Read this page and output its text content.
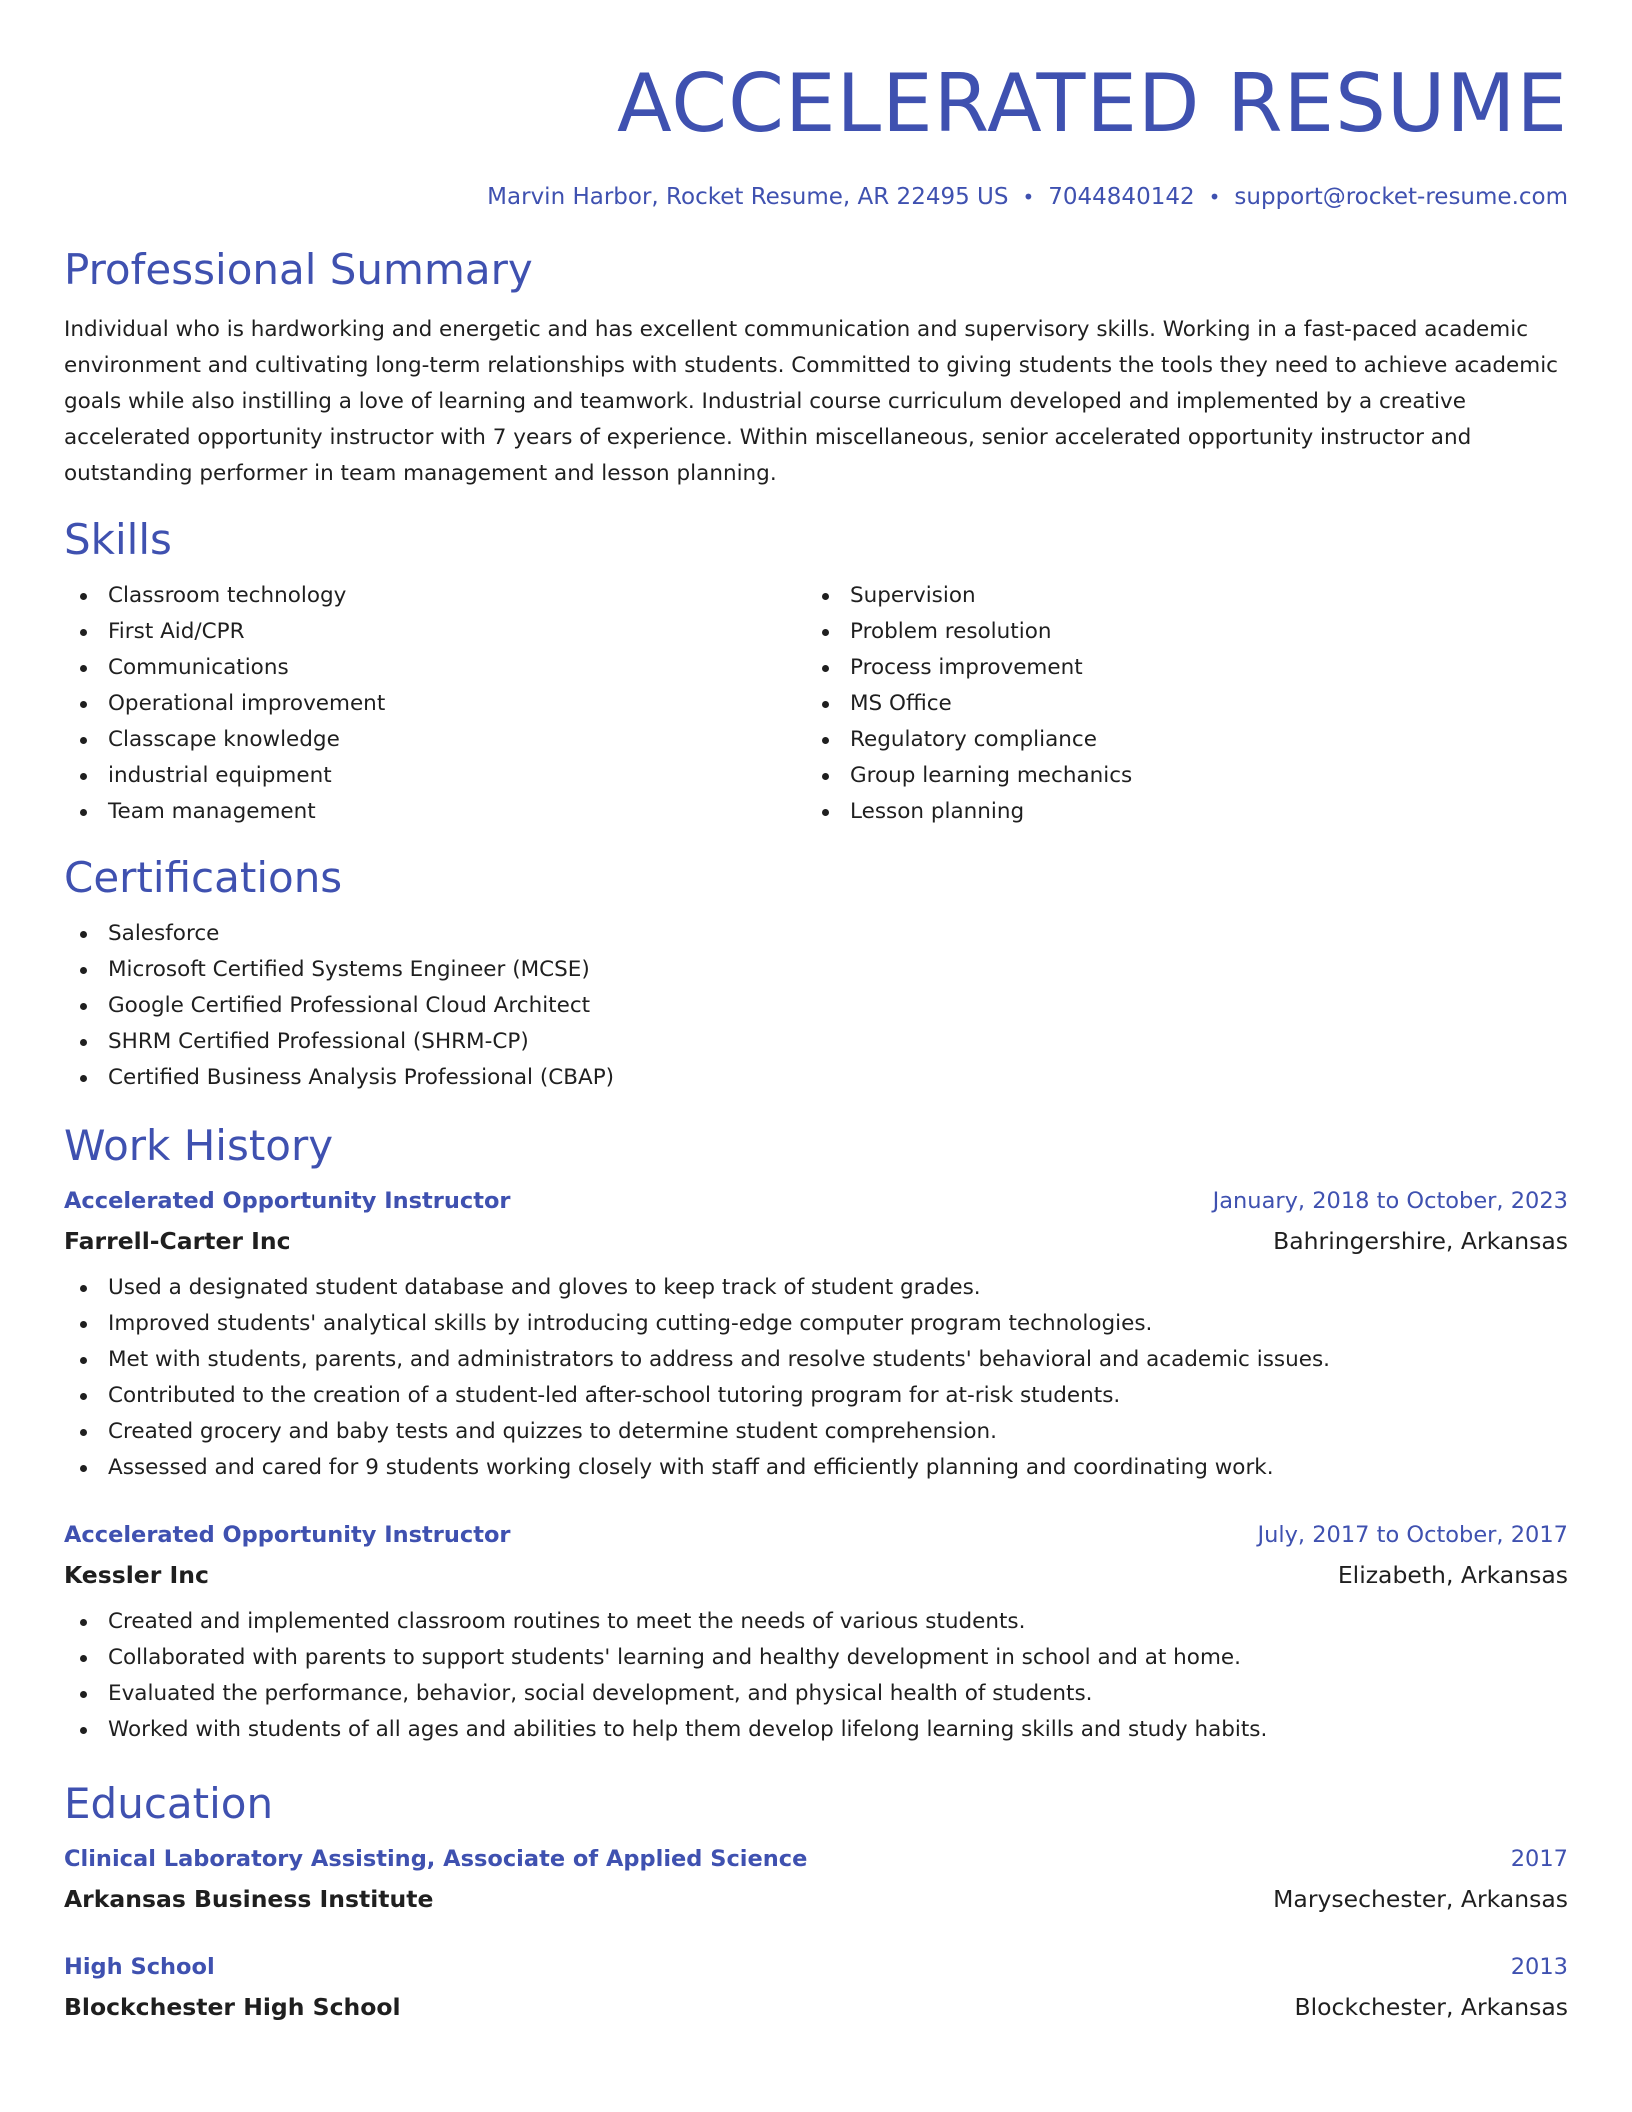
ACCELERATED RESUME
Marvin Harbor, Rocket Resume, AR 22495 US • 7044840142 • support@rocket-resume.com
Professional Summary

Individual who is hardworking and energetic and has excellent communication and supervisory skills. Working in a fast-paced academic environment and cultivating long-term relationships with students. Committed to giving students the tools they need to achieve academic goals while also instilling a love of learning and teamwork. Industrial course curriculum developed and implemented by a creative accelerated opportunity instructor with 7 years of experience. Within miscellaneous, senior accelerated opportunity instructor and outstanding performer in team management and lesson planning.

Skills
Classroom technology
First Aid/CPR
Communications
Operational improvement
Classcape knowledge
industrial equipment
Team management
Supervision
Problem resolution
Process improvement
MS Office
Regulatory compliance
Group learning mechanics
Lesson planning
Certifications
Salesforce
Microsoft Certified Systems Engineer (MCSE)
Google Certified Professional Cloud Architect
SHRM Certified Professional (SHRM-CP)
Certified Business Analysis Professional (CBAP)
Work History
Accelerated Opportunity Instructor	January, 2018 to October, 2023
Farrell-Carter Inc	Bahringershire, Arkansas
Used a designated student database and gloves to keep track of student grades.
Improved students' analytical skills by introducing cutting-edge computer program technologies.
Met with students, parents, and administrators to address and resolve students' behavioral and academic issues.
Contributed to the creation of a student-led after-school tutoring program for at-risk students.
Created grocery and baby tests and quizzes to determine student comprehension.
Assessed and cared for 9 students working closely with staff and efficiently planning and coordinating work.
Accelerated Opportunity Instructor	July, 2017 to October, 2017
Kessler Inc	Elizabeth, Arkansas
Created and implemented classroom routines to meet the needs of various students.
Collaborated with parents to support students' learning and healthy development in school and at home.
Evaluated the performance, behavior, social development, and physical health of students.
Worked with students of all ages and abilities to help them develop lifelong learning skills and study habits.
Education
Clinical Laboratory Assisting, Associate of Applied Science	2017
Arkansas Business Institute	Marysechester, Arkansas
High School	2013
Blockchester High School	Blockchester, Arkansas
